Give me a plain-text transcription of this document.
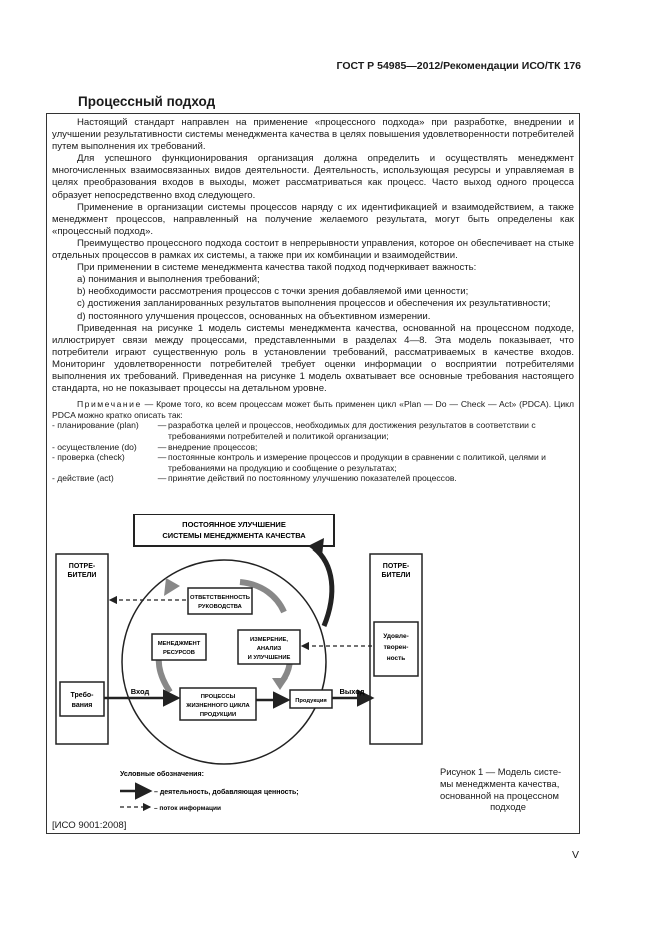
ГОСТ Р 54985—2012/Рекомендации ИСО/ТК 176
Процессный подход

Настоящий стандарт направлен на применение «процессного подхода» при разработке, внедрении и улучшении результативности системы менеджмента качества в целях повышения удовлетворенности потребителей путем выполнения их требований.

Для успешного функционирования организация должна определить и осуществлять менеджмент многочисленных взаимосвязанных видов деятельности. Деятельность, использующая ресурсы и управляемая в целях преобразования входов в выходы, может рассматриваться как процесс. Часто выход одного процесса образует непосредственно вход следующего.

Применение в организации системы процессов наряду с их идентификацией и взаимодействием, а также менеджмент процессов, направленный на получение желаемого результата, могут быть определены как «процессный подход».

Преимущество процессного подхода состоит в непрерывности управления, которое он обеспечивает на стыке отдельных процессов в рамках их системы, а также при их комбинации и взаимодействии.

При применении в системе менеджмента качества такой подход подчеркивает важность:

a) понимания и выполнения требований;

b) необходимости рассмотрения процессов с точки зрения добавляемой ими ценности;

c) достижения запланированных результатов выполнения процессов и обеспечения их результативности;

d) постоянного улучшения процессов, основанных на объективном измерении.

Приведенная на рисунке 1 модель системы менеджмента качества, основанной на процессном подходе, иллюстрирует связи между процессами, представленными в разделах 4—8. Эта модель показывает, что потребители играют существенную роль в установлении требований, рассматриваемых в качестве входов. Мониторинг удовлетворенности потребителей требует оценки информации о восприятии потребителями выполнения их требований. Приведенная на рисунке 1 модель охватывает все основные требования настоящего стандарта, но не показывает процессы на детальном уровне.

Примечание — Кроме того, ко всем процессам может быть применен цикл «Plan — Do — Check — Act» (PDCA). Цикл PDCA можно кратко описать так:

- планирование (plan)	— разработка целей и процессов, необходимых для достижения результатов в соответствии с требованиями потребителей и политикой организации;
- осуществление (do)	— внедрение процессов;
- проверка (check)	— постоянные контроль и измерение процессов и продукции в сравнении с политикой, целями и требованиями на продукцию и сообщение о результатах;
- действие (act)	— принятие действий по постоянному улучшению показателей процессов.
ПОСТОЯННОЕ УЛУЧШЕНИЕ
СИСТЕМЫ МЕНЕДЖМЕНТА КАЧЕСТВА
ПОТРЕ-
БИТЕЛИ
Требо-
вания
ПОТРЕ-
БИТЕЛИ
Удовле-
творен-
ность
ОТВЕТСТВЕННОСТЬ
РУКОВОДСТВА
МЕНЕДЖМЕНТ
РЕСУРСОВ
ИЗМЕРЕНИЕ,
АНАЛИЗ
И УЛУЧШЕНИЕ
ПРОЦЕССЫ
ЖИЗНЕННОГО ЦИКЛА
ПРОДУКЦИИ
Продукция
Вход	Выход
Условные обозначения:
– деятельность, добавляющая ценность;
– поток информации
Рисунок 1 — Модель систе-
мы менеджмента качества,
основанной на процессном
подходе
[ИСО 9001:2008]
V
